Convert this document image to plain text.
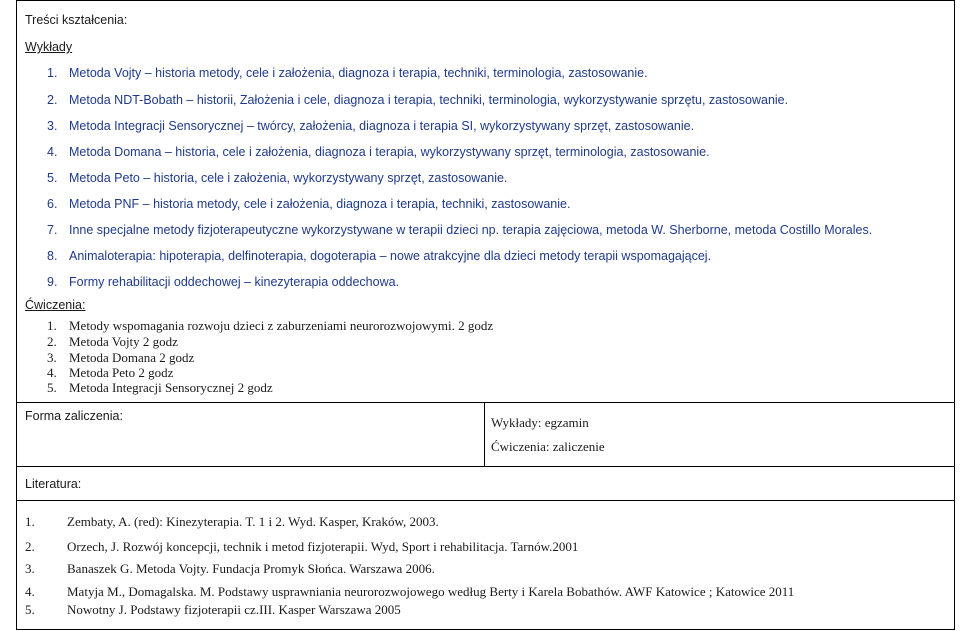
Treści kształcenia:
Wykłady
1. Metoda Vojty – historia metody, cele i założenia, diagnoza i terapia, techniki, terminologia, zastosowanie.
2. Metoda NDT-Bobath – historii, Założenia i cele, diagnoza i terapia, techniki, terminologia, wykorzystywanie sprzętu, zastosowanie.
3. Metoda Integracji Sensorycznej – twórcy, założenia, diagnoza i terapia SI, wykorzystywany sprzęt, zastosowanie.
4. Metoda Domana – historia, cele i założenia, diagnoza i terapia, wykorzystywany sprzęt, terminologia, zastosowanie.
5. Metoda Peto – historia, cele i założenia, wykorzystywany sprzęt, zastosowanie.
6. Metoda PNF – historia metody, cele i założenia, diagnoza i terapia, techniki, zastosowanie.
7. Inne specjalne metody fizjoterapeutyczne wykorzystywane w terapii dzieci np. terapia zajęciowa, metoda W. Sherborne, metoda Costillo Morales.
8. Animaloterapia: hipoterapia, delfinoterapia, dogoterapia – nowe atrakcyjne dla dzieci metody terapii wspomagającej.
9. Formy rehabilitacji oddechowej – kinezyterapia oddechowa.
Ćwiczenia:
1. Metody wspomagania rozwoju dzieci z zaburzeniami neurorozwojowymi. 2 godz
2. Metoda Vojty 2 godz
3. Metoda Domana 2 godz
4. Metoda Peto 2 godz
5. Metoda Integracji Sensorycznej 2 godz
Forma zaliczenia:	Wykłady: egzamin
Ćwiczenia: zaliczenie
Literatura:
1. Zembaty, A. (red): Kinezyterapia. T. 1 i 2. Wyd. Kasper, Kraków, 2003.
2. Orzech, J. Rozwój koncepcji, technik i metod fizjoterapii. Wyd, Sport i rehabilitacja. Tarnów.2001
3. Banaszek G. Metoda Vojty. Fundacja Promyk Słońca. Warszawa 2006.
4. Matyja M., Domagalska. M. Podstawy usprawniania neurorozwojowego według Berty i Karela Bobathów. AWF Katowice ; Katowice 2011
5. Nowotny J. Podstawy fizjoterapii cz.III. Kasper Warszawa 2005
